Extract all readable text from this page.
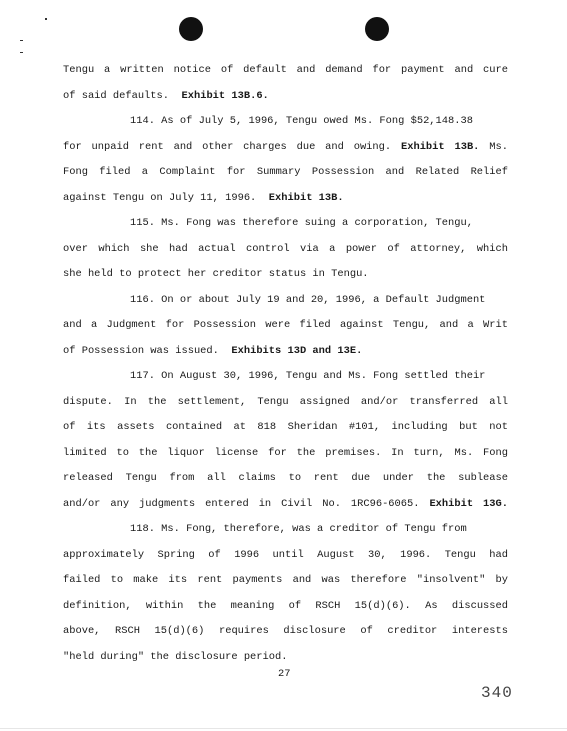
Tengu a written notice of default and demand for payment and cure
of said defaults. Exhibit 13B.6.
114. As of July 5, 1996, Tengu owed Ms. Fong $52,148.38
for unpaid rent and other charges due and owing. Exhibit 13B. Ms.
Fong filed a Complaint for Summary Possession and Related Relief
against Tengu on July 11, 1996. Exhibit 13B.
115. Ms. Fong was therefore suing a corporation, Tengu,
over which she had actual control via a power of attorney, which
she held to protect her creditor status in Tengu.
116. On or about July 19 and 20, 1996, a Default Judgment
and a Judgment for Possession were filed against Tengu, and a Writ
of Possession was issued. Exhibits 13D and 13E.
117. On August 30, 1996, Tengu and Ms. Fong settled their
dispute. In the settlement, Tengu assigned and/or transferred all
of its assets contained at 818 Sheridan #101, including but not
limited to the liquor license for the premises. In turn, Ms. Fong
released Tengu from all claims to rent due under the sublease
and/or any judgments entered in Civil No. 1RC96-6065. Exhibit 13G.
118. Ms. Fong, therefore, was a creditor of Tengu from
approximately Spring of 1996 until August 30, 1996. Tengu had
failed to make its rent payments and was therefore "insolvent" by
definition, within the meaning of RSCH 15(d)(6). As discussed
above, RSCH 15(d)(6) requires disclosure of creditor interests
"held during" the disclosure period.
27
340
